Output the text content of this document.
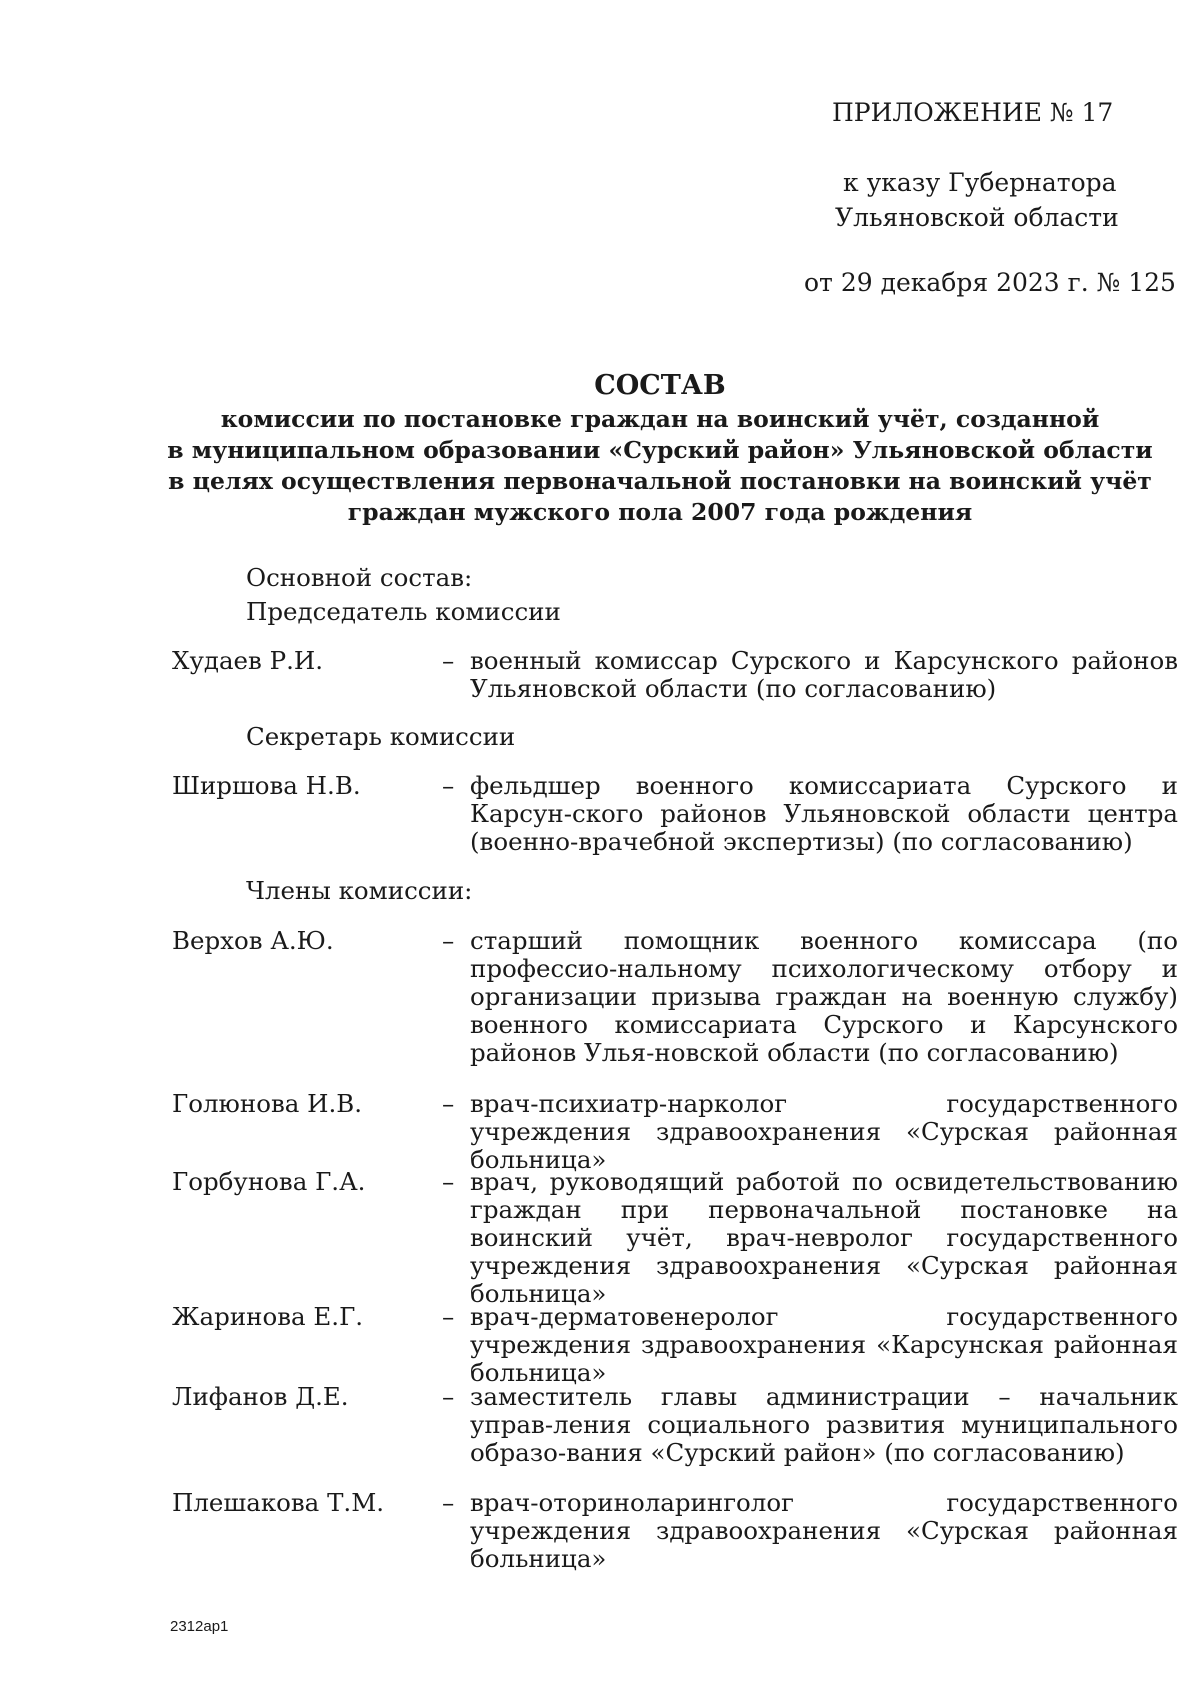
ПРИЛОЖЕНИЕ № 17
к указу Губернатора
Ульяновской области
от 29 декабря 2023 г. № 125
СОСТАВ
комиссии по постановке граждан на воинский учёт, созданной
в муниципальном образовании «Сурский район» Ульяновской области
в целях осуществления первоначальной постановки на воинский учёт
граждан мужского пола 2007 года рождения
Основной состав:
Председатель комиссии
Худаев Р.И.	– военный комиссар Сурского и Карсунского районов Ульяновской области (по согласованию)
Секретарь комиссии
Ширшова Н.В.	– фельдшер военного комиссариата Сурского и Карсун-ского районов Ульяновской области центра (военно-врачебной экспертизы) (по согласованию)
Члены комиссии:
Верхов А.Ю.	– старший помощник военного комиссара (по профессио-нальному психологическому отбору и организации призыва граждан на военную службу) военного комиссариата Сурского и Карсунского районов Улья-новской области (по согласованию)
Голюнова И.В.	– врач-психиатр-нарколог государственного учреждения здравоохранения «Сурская районная больница»
Горбунова Г.А.	– врач, руководящий работой по освидетельствованию граждан при первоначальной постановке на воинский учёт, врач-невролог государственного учреждения здравоохранения «Сурская районная больница»
Жаринова Е.Г.	– врач-дерматовенеролог государственного учреждения здравоохранения «Карсунская районная больница»
Лифанов Д.Е.	– заместитель главы администрации – начальник управ-ления социального развития муниципального образо-вания «Сурский район» (по согласованию)
Плешакова Т.М. – врач-оториноларинголог государственного учреждения здравоохранения «Сурская районная больница»
2312ap1
